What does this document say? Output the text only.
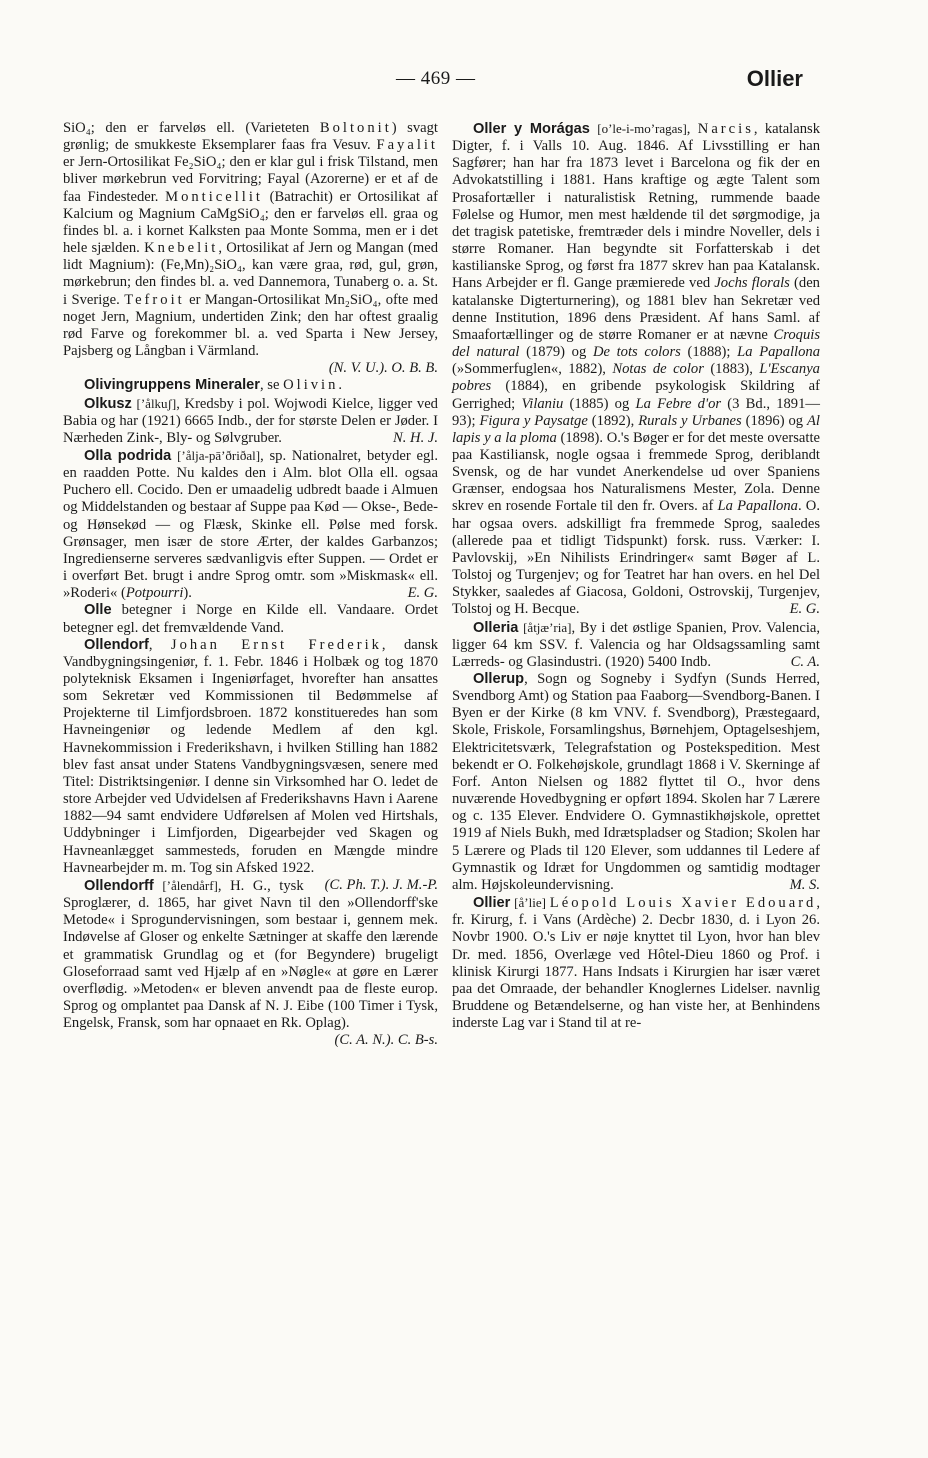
— 469 —	Ollier

SiO₄; den er farveløs ell. (Varieteten Boltonit) svagt grønlig; de smukkeste Eksemplarer faas fra Vesuv. Fayalit er Jern-Ortosilikat Fe₂SiO₄; den er klar gul i frisk Tilstand, men bliver mørkebrun ved Forvitring; Fayal (Azorerne) er et af de faa Findesteder. Monticellit (Batrachit) er Ortosilikat af Kalcium og Magnium CaMgSiO₄; den er farveløs ell. graa og findes bl. a. i kornet Kalksten paa Monte Somma, men er i det hele sjælden. Knebelit, Ortosilikat af Jern og Mangan (med lidt Magnium): (Fe,Mn)₂SiO₄, kan være graa, rød, gul, grøn, mørkebrun; den findes bl. a. ved Dannemora, Tunaberg o. a. St. i Sverige. Tefroit er Mangan-Ortosilikat Mn₂SiO₄, ofte med noget Jern, Magnium, undertiden Zink; den har oftest graalig rød Farve og forekommer bl. a. ved Sparta i New Jersey, Pajsberg og Långban i Värmland.
(N. V. U.). O. B. B.

Olivingruppens Mineraler, se Olivin.

Olkusz [ʼålkuʃ], Kredsby i pol. Wojwodi Kielce, ligger ved Babia og har (1921) 6665 Indb., der for største Delen er Jøder. I Nærheden Zink-, Bly- og Sølvgruber.	N. H. J.

Olla podrida [ʼålja-pāʼðriðal], sp. Nationalret, betyder egl. en raadden Potte. Nu kaldes den i Alm. blot Olla ell. ogsaa Puchero ell. Cocido. Den er umaadelig udbredt baade i Almuen og Middelstanden og bestaar af Suppe paa Kød — Okse-, Bede- og Hønsekød — og Flæsk, Skinke ell. Pølse med forsk. Grønsager, men især de store Ærter, der kaldes Garbanzos; Ingredienserne serveres sædvanligvis efter Suppen. — Ordet er i overført Bet. brugt i andre Sprog omtr. som »Miskmask« ell. »Roderi« (Potpourri).	E. G.

Olle betegner i Norge en Kilde ell. Vandaare. Ordet betegner egl. det fremvældende Vand.

Ollendorf, Johan Ernst Frederik, dansk Vandbygningsingeniør, f. 1. Febr. 1846 i Holbæk og tog 1870 polyteknisk Eksamen i Ingeniørfaget, hvorefter han ansattes som Sekretær ved Kommissionen til Bedømmelse af Projekterne til Limfjordsbroen. 1872 konstitueredes han som Havneingeniør og ledende Medlem af den kgl. Havnekommission i Frederikshavn, i hvilken Stilling han 1882 blev fast ansat under Statens Vandbygningsvæsen, senere med Titel: Distriktsingeniør. I denne sin Virksomhed har O. ledet de store Arbejder ved Udvidelsen af Frederikshavns Havn i Aarene 1882—94 samt endvidere Udførelsen af Molen ved Hirtshals, Uddybninger i Limfjorden, Digearbejder ved Skagen og Havneanlægget sammesteds, foruden en Mængde mindre Havnearbejder m. m. Tog sin Afsked 1922.
(C. Ph. T.). J. M.-P.

Ollendorff [ʼålendårf], H. G., tysk Sproglærer, d. 1865, har givet Navn til den »Ollendorff'ske Metode« i Sprogundervisningen, som bestaar i, gennem mek. Indøvelse af Gloser og enkelte Sætninger at skaffe den lærende et grammatisk Grundlag og et (for Begyndere) brugeligt Gloseforraad samt ved Hjælp af en »Nøgle« at gøre en Lærer overflødig. »Metoden« er bleven anvendt paa de fleste europ. Sprog og omplantet paa Dansk af N. J. Eibe (100 Timer i Tysk, Engelsk, Fransk, som har opnaaet en Rk. Oplag).
(C. A. N.). C. B-s.

Oller y Morágas [oʼle-i-moʼragas], Narcis, katalansk Digter, f. i Valls 10. Aug. 1846. Af Livsstilling er han Sagfører; han har fra 1873 levet i Barcelona og fik der en Advokatstilling i 1881. Hans kraftige og ægte Talent som Prosafortæller i naturalistisk Retning, rummende baade Følelse og Humor, men mest hældende til det sørgmodige, ja det tragisk patetiske, fremtræder dels i mindre Noveller, dels i større Romaner. Han begyndte sit Forfatterskab i det kastilianske Sprog, og først fra 1877 skrev han paa Katalansk. Hans Arbejder er fl. Gange præmierede ved Jochs florals (den katalanske Digterturnering), og 1881 blev han Sekretær ved denne Institution, 1896 dens Præsident. Af hans Saml. af Smaafortællinger og de større Romaner er at nævne Croquis del natural (1879) og De tots colors (1888); La Papallona (»Sommerfuglen«, 1882), Notas de color (1883), L'Escanya pobres (1884), en gribende psykologisk Skildring af Gerrighed; Vilaniu (1885) og La Febre d'or (3 Bd., 1891—93); Figura y Paysatge (1892), Rurals y Urbanes (1896) og Al lapis y a la ploma (1898). O.'s Bøger er for det meste oversatte paa Kastiliansk, nogle ogsaa i fremmede Sprog, deriblandt Svensk, og de har vundet Anerkendelse ud over Spaniens Grænser, endogsaa hos Naturalismens Mester, Zola. Denne skrev en rosende Fortale til den fr. Overs. af La Papallona. O. har ogsaa overs. adskilligt fra fremmede Sprog, saaledes (allerede paa et tidligt Tidspunkt) forsk. russ. Værker: I. Pavlovskij, »En Nihilists Erindringer« samt Bøger af L. Tolstoj og Turgenjev; og for Teatret har han overs. en hel Del Stykker, saaledes af Giacosa, Goldoni, Ostrovskij, Turgenjev, Tolstoj og H. Becque.	E. G.

Olleria [åtjæʼria], By i det østlige Spanien, Prov. Valencia, ligger 64 km SSV. f. Valencia og har Oldsagssamling samt Lærreds- og Glasindustri. (1920) 5400 Indb.	C. A.

Ollerup, Sogn og Sogneby i Sydfyn (Sunds Herred, Svendborg Amt) og Station paa Faaborg—Svendborg-Banen. I Byen er der Kirke (8 km VNV. f. Svendborg), Præstegaard, Skole, Friskole, Forsamlingshus, Børnehjem, Optagelseshjem, Elektricitetsværk, Telegrafstation og Postekspedition. Mest bekendt er O. Folkehøjskole, grundlagt 1868 i V. Skerninge af Forf. Anton Nielsen og 1882 flyttet til O., hvor dens nuværende Hovedbygning er opført 1894. Skolen har 7 Lærere og c. 135 Elever. Endvidere O. Gymnastikhøjskole, oprettet 1919 af Niels Bukh, med Idrætspladser og Stadion; Skolen har 5 Lærere og Plads til 120 Elever, som uddannes til Ledere af Gymnastik og Idræt for Ungdommen og samtidig modtager alm. Højskoleundervisning.	M. S.

Ollier [åʼlie] Léopold Louis Xavier Edouard, fr. Kirurg, f. i Vans (Ardèche) 2. Decbr 1830, d. i Lyon 26. Novbr 1900. O.'s Liv er nøje knyttet til Lyon, hvor han blev Dr. med. 1856, Overlæge ved Hôtel-Dieu 1860 og Prof. i klinisk Kirurgi 1877. Hans Indsats i Kirurgien har især været paa det Omraade, der behandler Knoglernes Lidelser. navnlig Bruddene og Betændelserne, og han viste her, at Benhindens inderste Lag var i Stand til at re-
